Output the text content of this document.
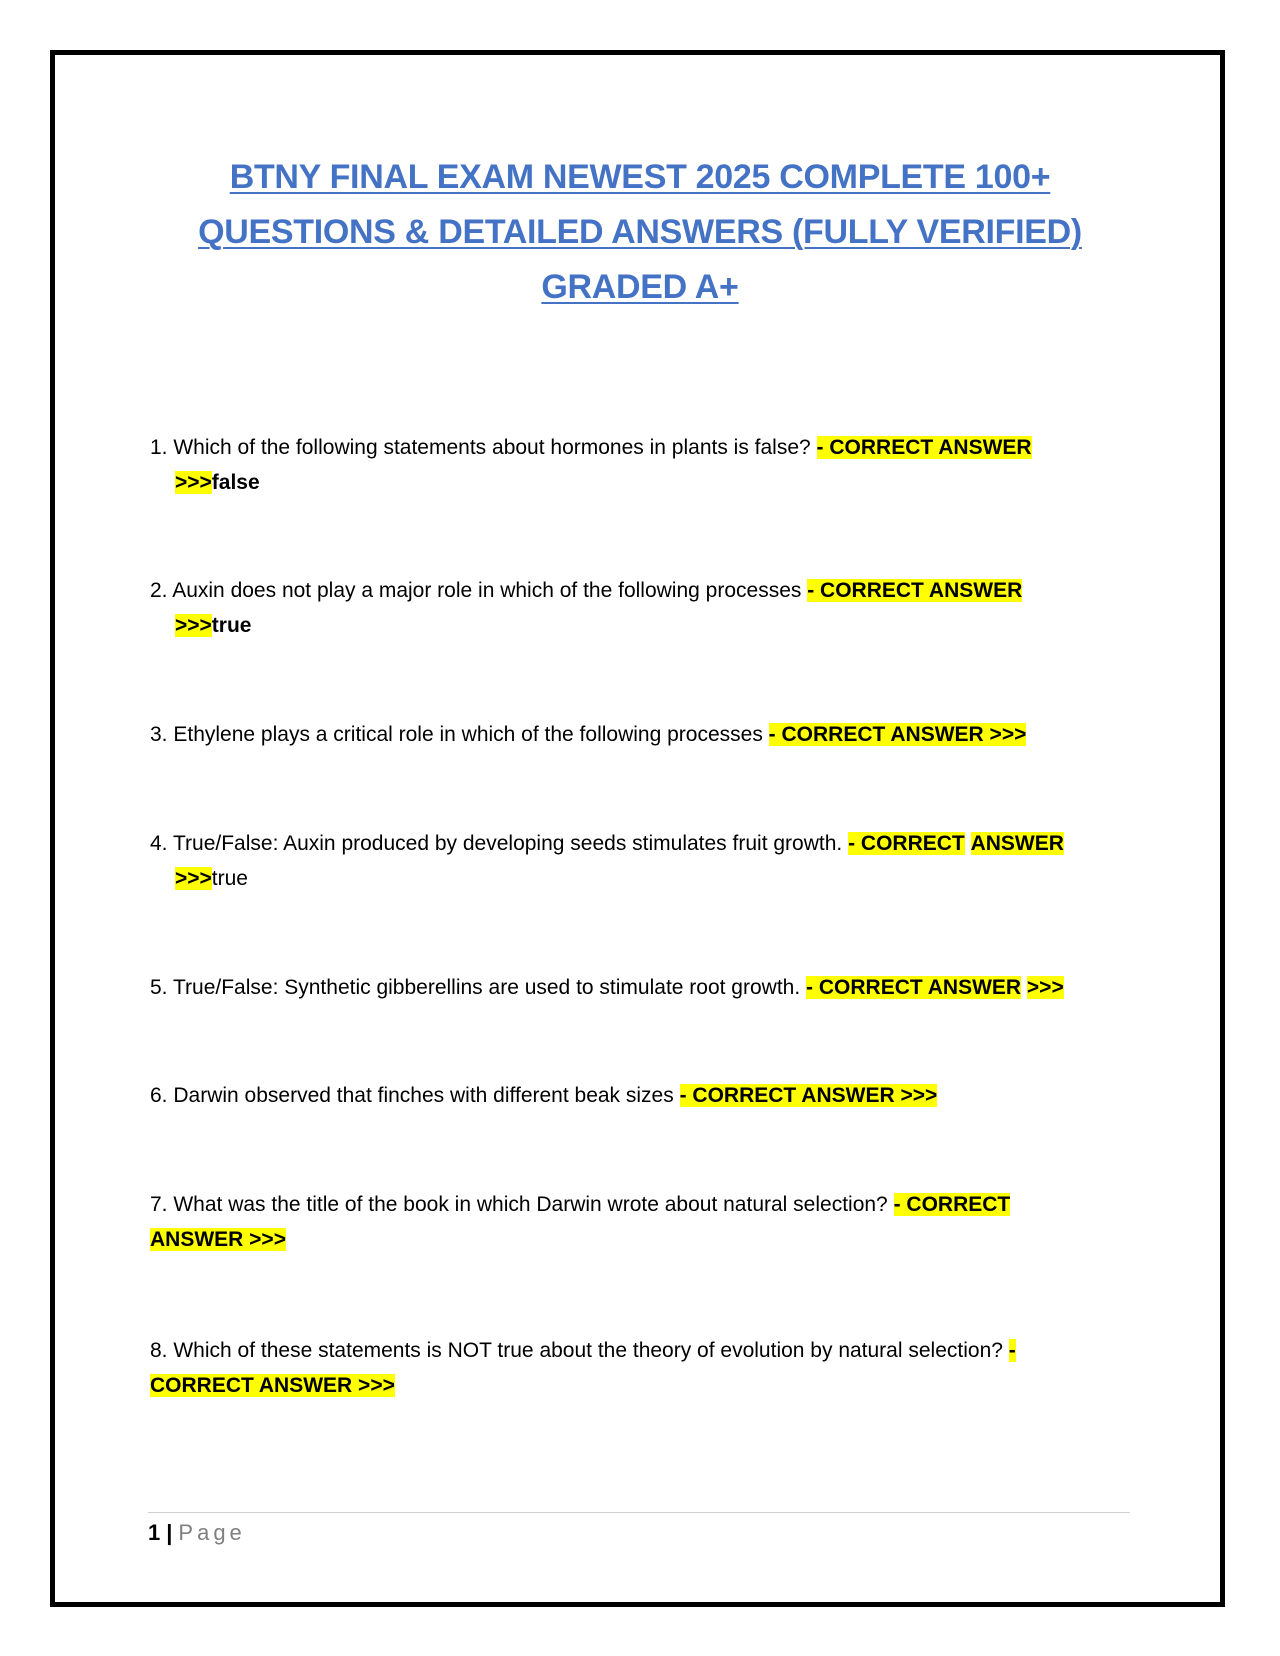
BTNY FINAL EXAM NEWEST 2025 COMPLETE 100+
QUESTIONS & DETAILED ANSWERS (FULLY VERIFIED)
GRADED A+
1. Which of the following statements about hormones in plants is false? - CORRECT ANSWER
>>>false
2. Auxin does not play a major role in which of the following processes - CORRECT ANSWER
>>>true
3. Ethylene plays a critical role in which of the following processes - CORRECT ANSWER >>>
4. True/False: Auxin produced by developing seeds stimulates fruit growth. - CORRECT ANSWER
>>>true
5. True/False: Synthetic gibberellins are used to stimulate root growth. - CORRECT ANSWER >>>
6. Darwin observed that finches with different beak sizes - CORRECT ANSWER >>>
7. What was the title of the book in which Darwin wrote about natural selection? - CORRECT
ANSWER >>>
8. Which of these statements is NOT true about the theory of evolution by natural selection? -
CORRECT ANSWER >>>
1 | Page
